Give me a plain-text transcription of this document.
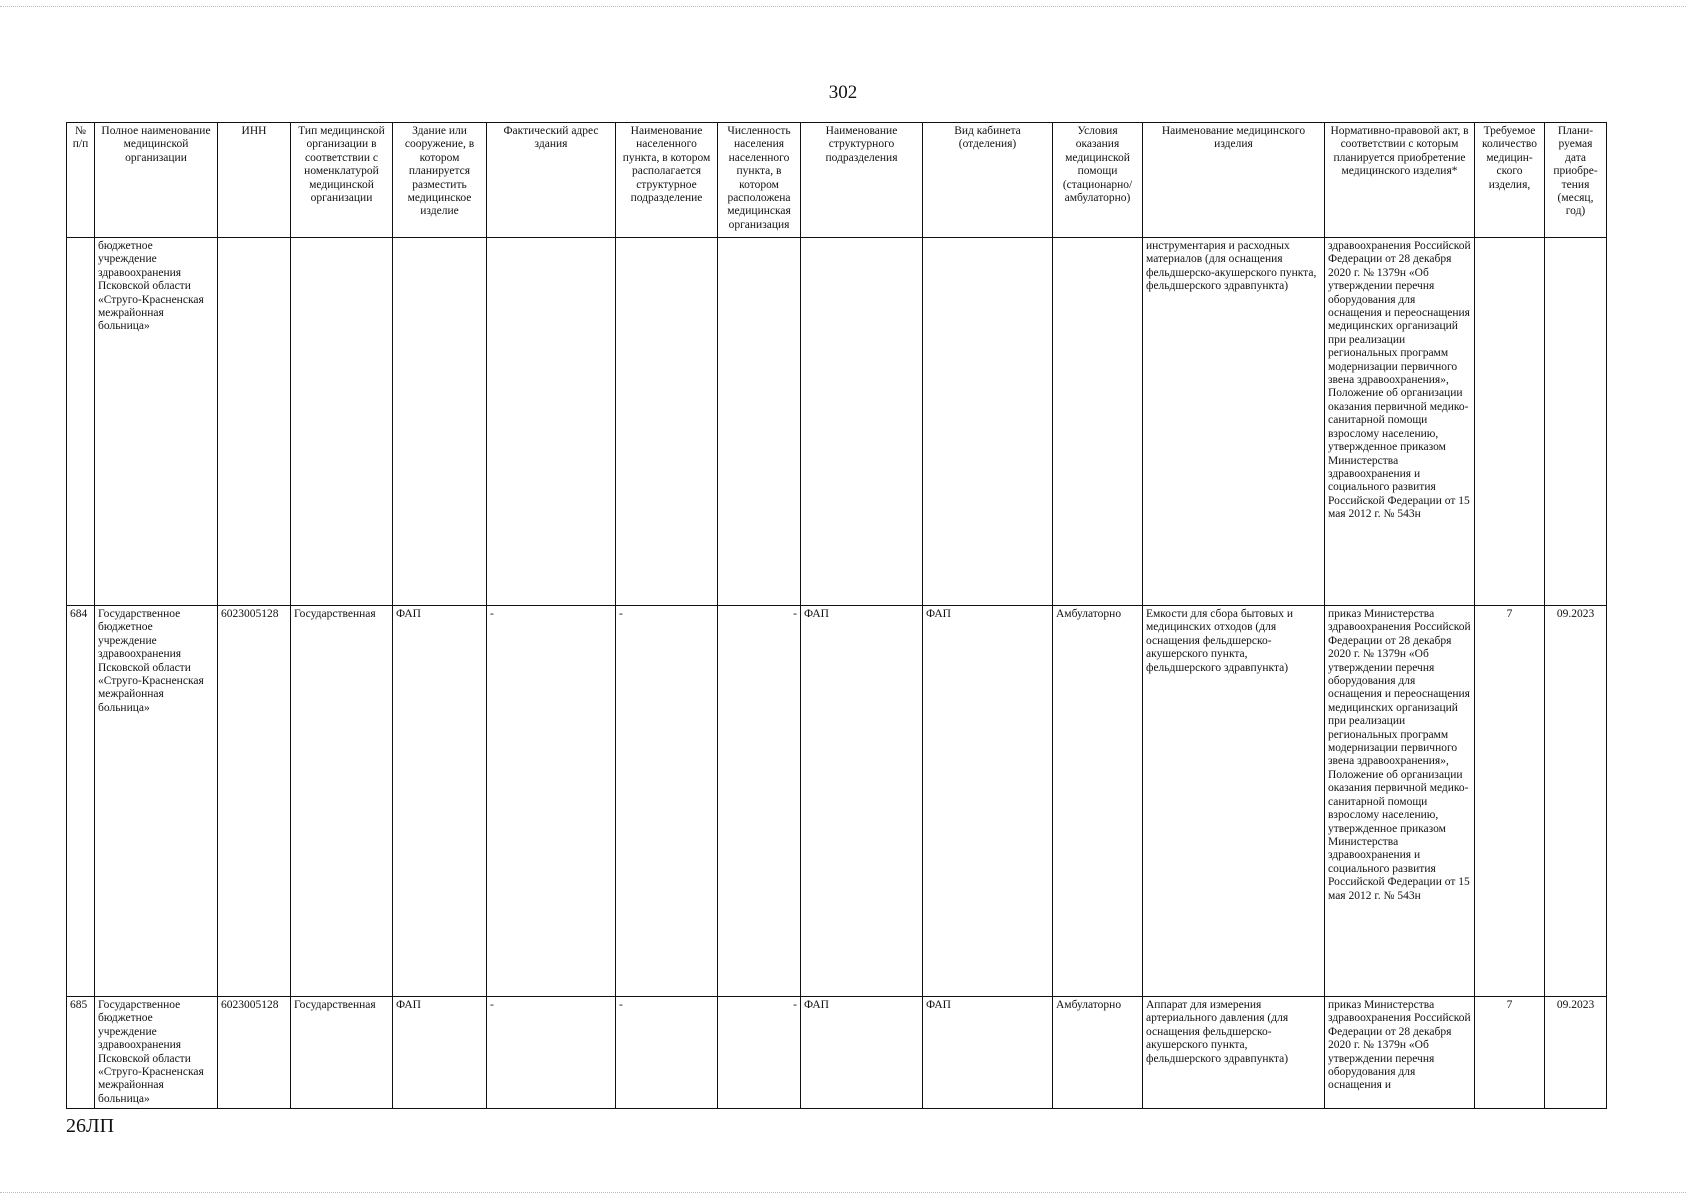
302
№ п/п	Полное наименование медицинской организации	ИНН	Тип медицинской организации в соответствии с номенклатурой медицинской организации	Здание или сооружение, в котором планируется разместить медицинское изделие	Фактический адрес здания	Наименование населенного пункта, в котором располагается структурное подразделение	Численность населения населенного пункта, в котором расположена медицинская организация	Наименование структурного подразделения	Вид кабинета (отделения)	Условия оказания медицинской помощи (стационарно/ амбулаторно)	Наименование медицинского изделия	Нормативно-правовой акт, в соответствии с которым планируется приобретение медицинского изделия*	Требуемое количество медицин-ского изделия,	Плани-руемая дата приобре-тения (месяц, год)
	бюджетное учреждение здравоохранения Псковской области «Струго-Красненская межрайонная больница»										инструментария и расходных материалов (для оснащения фельдшерско-акушерского пункта, фельдшерского здравпункта)	здравоохранения Российской Федерации от 28 декабря 2020 г. № 1379н «Об утверждении перечня оборудования для оснащения и переоснащения медицинских организаций при реализации региональных программ модернизации первичного звена здравоохранения», Положение об организации оказания первичной медико-санитарной помощи взрослому населению, утвержденное приказом Министерства здравоохранения и социального развития Российской Федерации от 15 мая 2012 г. № 543н		
684	Государственное бюджетное учреждение здравоохранения Псковской области «Струго-Красненская межрайонная больница»	6023005128	Государственная	ФАП	-	-	-	ФАП	ФАП	Амбулаторно	Емкости для сбора бытовых и медицинских отходов (для оснащения фельдшерско-акушерского пункта, фельдшерского здравпункта)	приказ Министерства здравоохранения Российской Федерации от 28 декабря 2020 г. № 1379н «Об утверждении перечня оборудования для оснащения и переоснащения медицинских организаций при реализации региональных программ модернизации первичного звена здравоохранения», Положение об организации оказания первичной медико-санитарной помощи взрослому населению, утвержденное приказом Министерства здравоохранения и социального развития Российской Федерации от 15 мая 2012 г. № 543н	7	09.2023
685	Государственное бюджетное учреждение здравоохранения Псковской области «Струго-Красненская межрайонная больница»	6023005128	Государственная	ФАП	-	-	-	ФАП	ФАП	Амбулаторно	Аппарат для измерения артериального давления (для оснащения фельдшерско-акушерского пункта, фельдшерского здравпункта)	приказ Министерства здравоохранения Российской Федерации от 28 декабря 2020 г. № 1379н «Об утверждении перечня оборудования для оснащения и	7	09.2023
26ЛП
